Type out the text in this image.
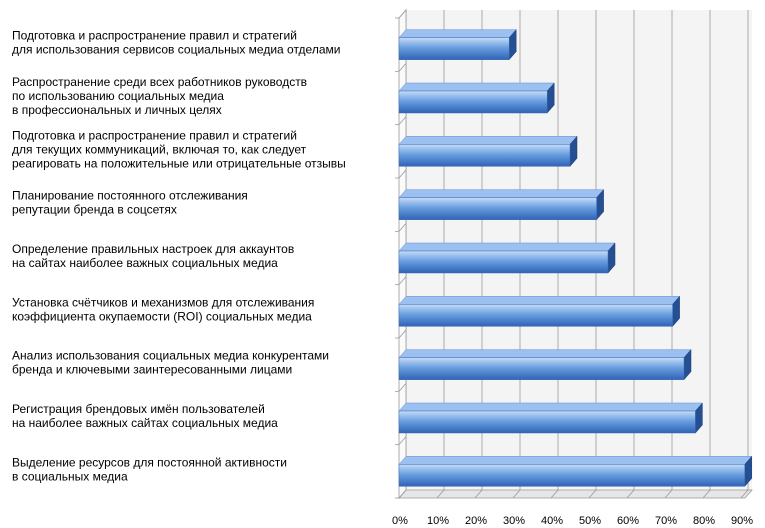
Подготовка и распространение правил и стратегий для использования сервисов социальных медиа отделами
Распространение среди всех работников руководств по использованию социальных медиа в профессиональных и личных целях
Подготовка и распространение правил и стратегий для текущих коммуникаций, включая то, как следует реагировать на положительные или отрицательные отзывы
Планирование постоянного отслеживания репутации бренда в соцсетях
Определение правильных настроек для аккаунтов на сайтах наиболее важных социальных медиа
Установка счётчиков и механизмов для отслеживания коэффициента окупаемости (ROI) социальных медиа
Анализ использования социальных медиа конкурентами бренда и ключевыми заинтересованными лицами
Регистрация брендовых имён пользователей на наиболее важных сайтах социальных медиа
Выделение ресурсов для постоянной активности в социальных медиа
0% 10% 20% 30% 40% 50% 60% 70% 80% 90%
